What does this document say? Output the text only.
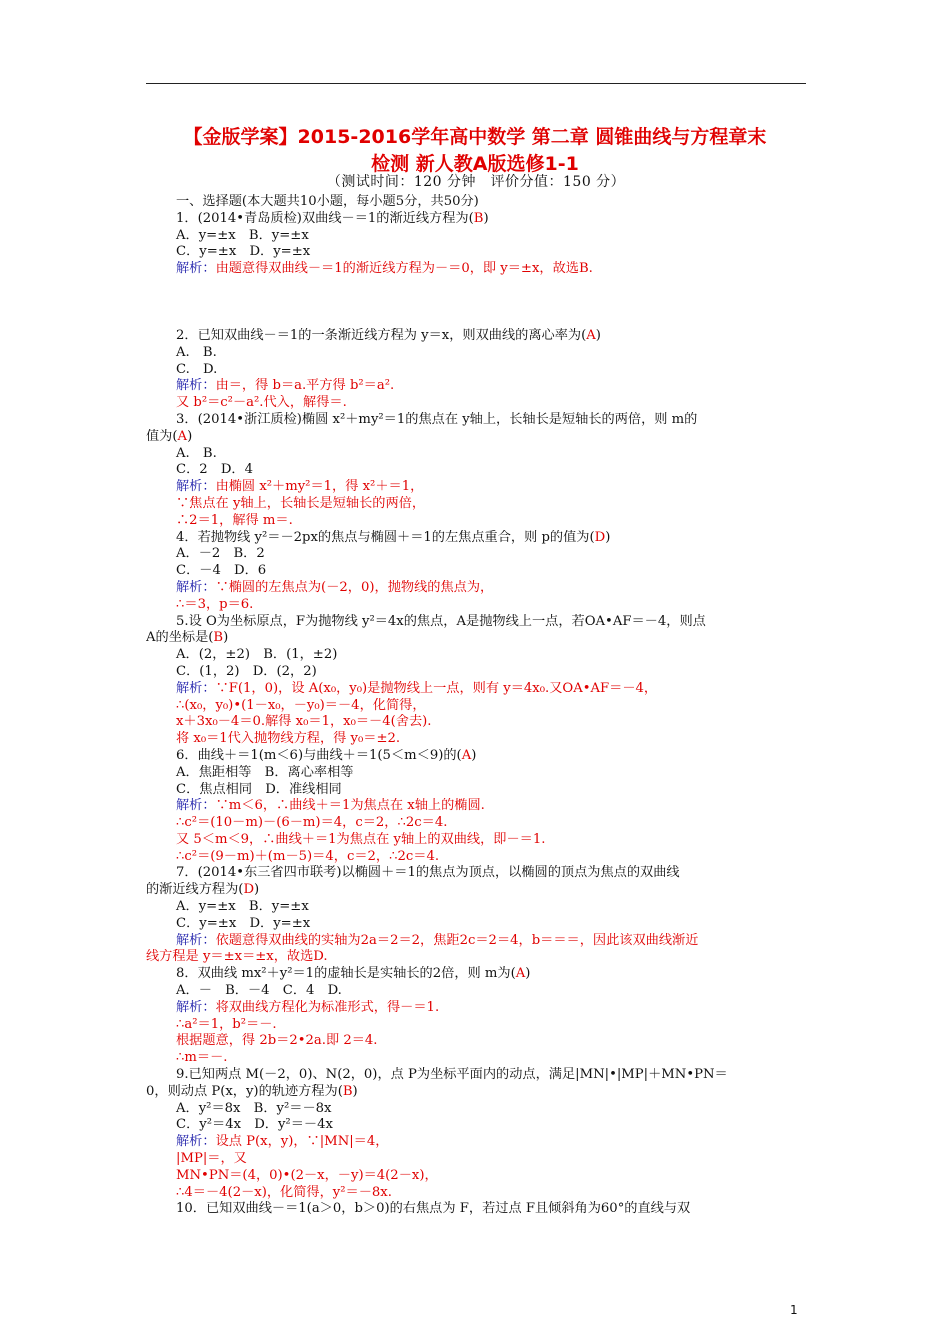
【金版学案】2015-2016学年高中数学 第二章 圆锥曲线与方程章末
检测 新人教A版选修1-1
（测试时间：120 分钟　评价分值：150 分）
一、选择题(本大题共10小题，每小题5分，共50分)
1．(2014•青岛质检)双曲线－＝1的渐近线方程为(B)
A．y=±x　B．y=±x
C．y=±x　D．y=±x
解析：由题意得双曲线－＝1的渐近线方程为－＝0，即 y＝±x，故选B.
2．已知双曲线－＝1的一条渐近线方程为 y＝x，则双曲线的离心率为(A)
A.　B.
C.　D.
解析：由＝，得 b＝a.平方得 b²＝a².
又 b²＝c²－a².代入，解得＝.
3．(2014•浙江质检)椭圆 x²＋my²＝1的焦点在 y轴上，长轴长是短轴长的两倍，则 m的
值为(A)
A.　B.
C．2　D．4
解析：由椭圆 x²＋my²＝1，得 x²＋＝1，
∵焦点在 y轴上，长轴长是短轴长的两倍，
∴2＝1，解得 m＝.
4．若抛物线 y²＝－2px的焦点与椭圆＋＝1的左焦点重合，则 p的值为(D)
A．－2　B．2
C．－4　D．6
解析：∵椭圆的左焦点为(－2，0)，抛物线的焦点为，
∴＝3，p＝6.
5.设 O为坐标原点，F为抛物线 y²＝4x的焦点，A是抛物线上一点，若OA•AF＝－4，则点
A的坐标是(B)
A．(2，±2)　B．(1，±2)
C．(1，2)　D．(2，2)
解析：∵F(1，0)，设 A(x₀，y₀)是抛物线上一点，则有 y＝4x₀.又OA•AF＝－4，
∴(x₀，y₀)•(1－x₀，－y₀)＝－4，化简得，
x＋3x₀－4＝0.解得 x₀＝1，x₀＝－4(舍去).
将 x₀＝1代入抛物线方程，得 y₀＝±2.
6．曲线＋＝1(m＜6)与曲线＋＝1(5＜m＜9)的(A)
A．焦距相等　B．离心率相等
C．焦点相同　D．准线相同
解析：∵m＜6，∴曲线＋＝1为焦点在 x轴上的椭圆.
∴c²＝(10－m)－(6－m)＝4，c＝2，∴2c＝4.
又 5＜m＜9，∴曲线＋＝1为焦点在 y轴上的双曲线，即－＝1.
∴c²＝(9－m)＋(m－5)＝4，c＝2，∴2c＝4.
7．(2014•东三省四市联考)以椭圆＋＝1的焦点为顶点，以椭圆的顶点为焦点的双曲线
的渐近线方程为(D)
A．y=±x　B．y=±x
C．y=±x　D．y=±x
解析：依题意得双曲线的实轴为2a＝2＝2，焦距2c＝2＝4，b＝＝＝，因此该双曲线渐近
线方程是 y＝±x＝±x，故选D.
8．双曲线 mx²＋y²＝1的虚轴长是实轴长的2倍，则 m为(A)
A．－　B．－4　C．4　D.
解析：将双曲线方程化为标准形式，得－＝1.
∴a²＝1，b²＝－.
根据题意，得 2b＝2•2a.即 2＝4.
∴m＝－.
9.已知两点 M(－2，0)、N(2，0)，点 P为坐标平面内的动点，满足|MN|•|MP|＋MN•PN＝
0，则动点 P(x，y)的轨迹方程为(B)
A．y²＝8x　B．y²＝－8x
C．y²＝4x　D．y²＝－4x
解析：设点 P(x，y)，∵|MN|＝4，
|MP|＝，又
MN•PN＝(4，0)•(2－x，－y)＝4(2－x)，
∴4＝－4(2－x)，化简得，y²＝－8x.
10．已知双曲线－＝1(a＞0，b＞0)的右焦点为 F，若过点 F且倾斜角为60°的直线与双
1
